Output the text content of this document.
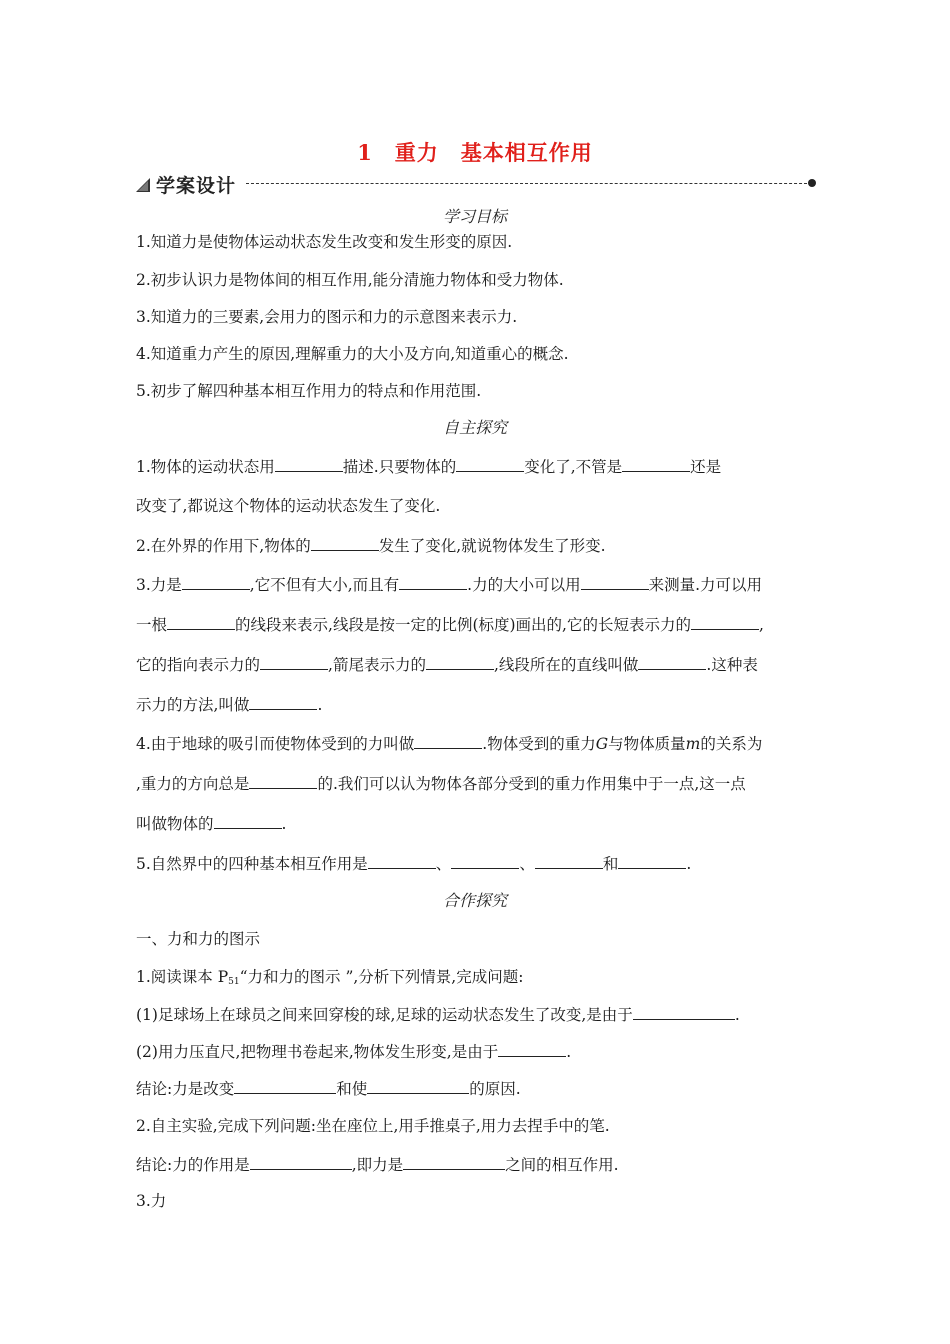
1　重力　基本相互作用
学案设计
学习目标
1.知道力是使物体运动状态发生改变和发生形变的原因.
2.初步认识力是物体间的相互作用,能分清施力物体和受力物体.
3.知道力的三要素,会用力的图示和力的示意图来表示力.
4.知道重力产生的原因,理解重力的大小及方向,知道重心的概念.
5.初步了解四种基本相互作用力的特点和作用范围.
自主探究
1.物体的运动状态用	描述.只要物体的	变化了,不管是	还是
改变了,都说这个物体的运动状态发生了变化.
2.在外界的作用下,物体的	发生了变化,就说物体发生了形变.
3.力是	,它不但有大小,而且有	.力的大小可以用	来测量.力可以用
一根	的线段来表示,线段是按一定的比例(标度)画出的,它的长短表示力的	,
它的指向表示力的	,箭尾表示力的	,线段所在的直线叫做	.这种表
示力的方法,叫做	.
4.由于地球的吸引而使物体受到的力叫做	.物体受到的重力G与物体质量m的关系为
,重力的方向总是	的.我们可以认为物体各部分受到的重力作用集中于一点,这一点
叫做物体的	.
5.自然界中的四种基本相互作用是	、	、	和	.
合作探究
一、力和力的图示
1.阅读课本 $P_{51}“$力和力的图示 ”,分析下列情景,完成问题:
(1)足球场上在球员之间来回穿梭的球,足球的运动状态发生了改变,是由于	.
(2)用力压直尺,把物理书卷起来,物体发生形变,是由于	.
结论:力是改变	和使	的原因.
2.自主实验,完成下列问题:坐在座位上,用手推桌子,用力去捏手中的笔.
结论:力的作用是	,即力是	之间的相互作用.
3.力
